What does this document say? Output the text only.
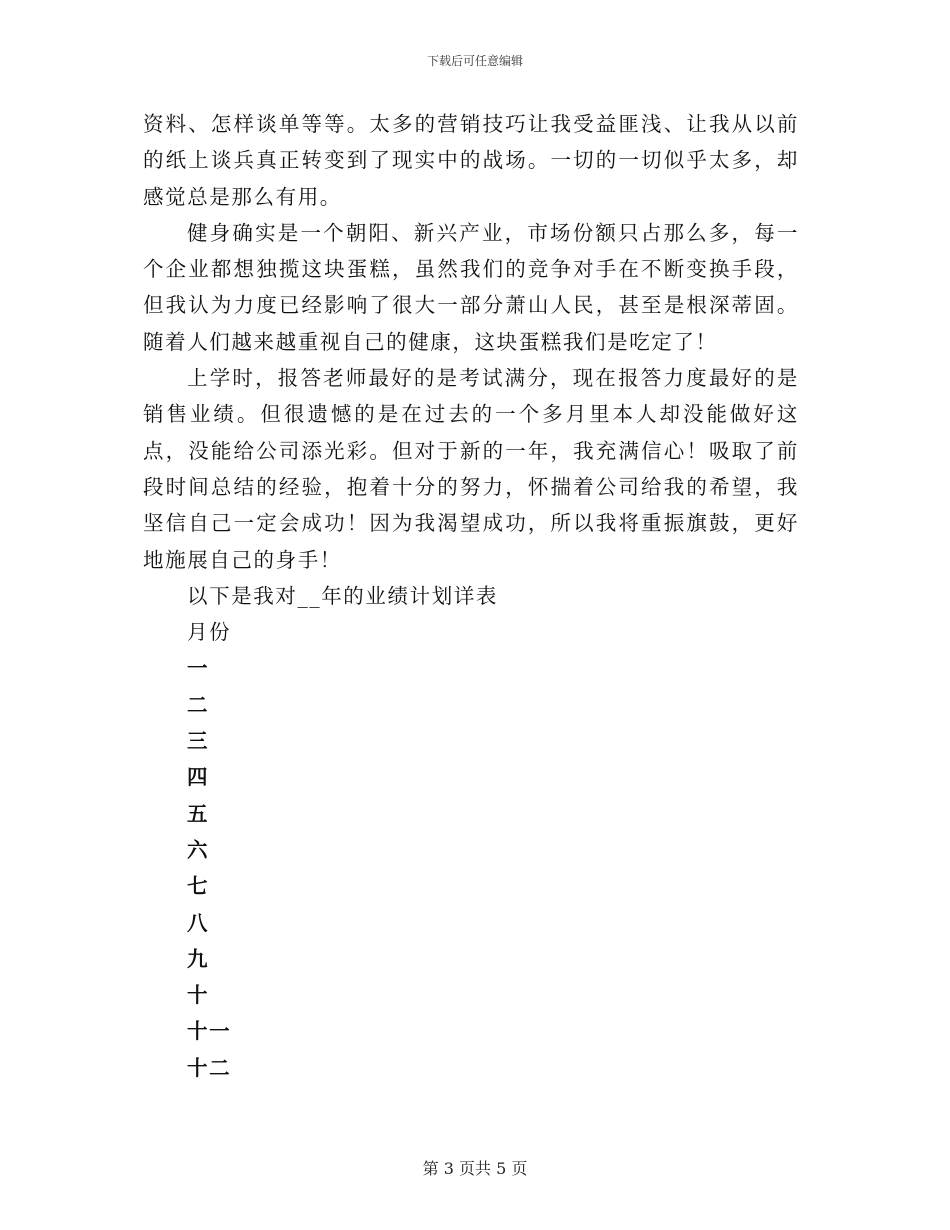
下载后可任意编辑

资料、怎样谈单等等。太多的营销技巧让我受益匪浅、让我从以前的纸上谈兵真正转变到了现实中的战场。一切的一切似乎太多，却感觉总是那么有用。

健身确实是一个朝阳、新兴产业，市场份额只占那么多，每一个企业都想独揽这块蛋糕，虽然我们的竞争对手在不断变换手段，但我认为力度已经影响了很大一部分萧山人民，甚至是根深蒂固。随着人们越来越重视自己的健康，这块蛋糕我们是吃定了！

上学时，报答老师最好的是考试满分，现在报答力度最好的是销售业绩。但很遗憾的是在过去的一个多月里本人却没能做好这点，没能给公司添光彩。但对于新的一年，我充满信心！吸取了前段时间总结的经验，抱着十分的努力，怀揣着公司给我的希望，我坚信自己一定会成功！因为我渴望成功，所以我将重振旗鼓，更好地施展自己的身手！

以下是我对__年的业绩计划详表

月份

一

二

三

四

五

六

七

八

九

十

十一

十二

第 3 页共 5 页
